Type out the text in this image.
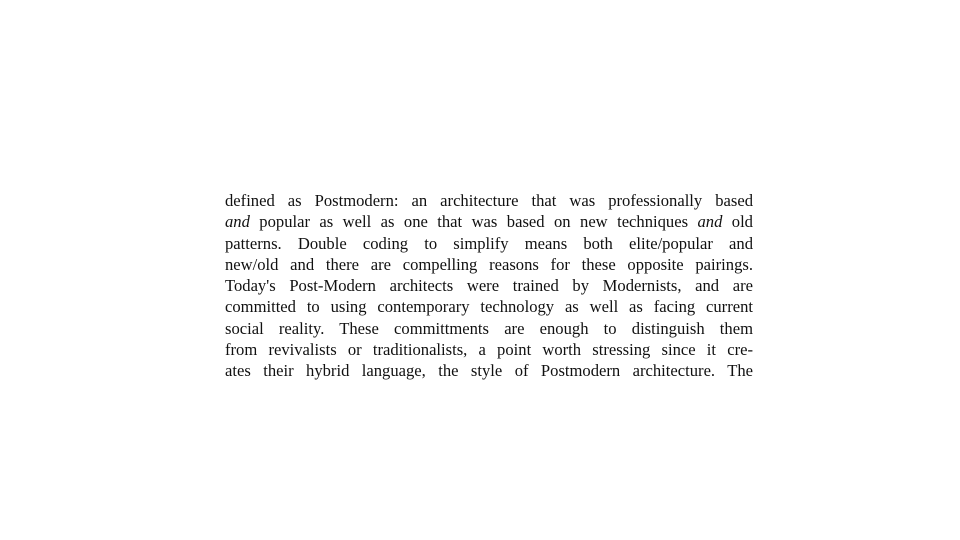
defined as Postmodern: an architecture that was professionally based
and popular as well as one that was based on new techniques and old
patterns. Double coding to simplify means both elite/popular and
new/old and there are compelling reasons for these opposite pairings.
Today's Post-Modern architects were trained by Modernists, and are
committed to using contemporary technology as well as facing current
social reality. These committments are enough to distinguish them
from revivalists or traditionalists, a point worth stressing since it cre-
ates their hybrid language, the style of Postmodern architecture. The
